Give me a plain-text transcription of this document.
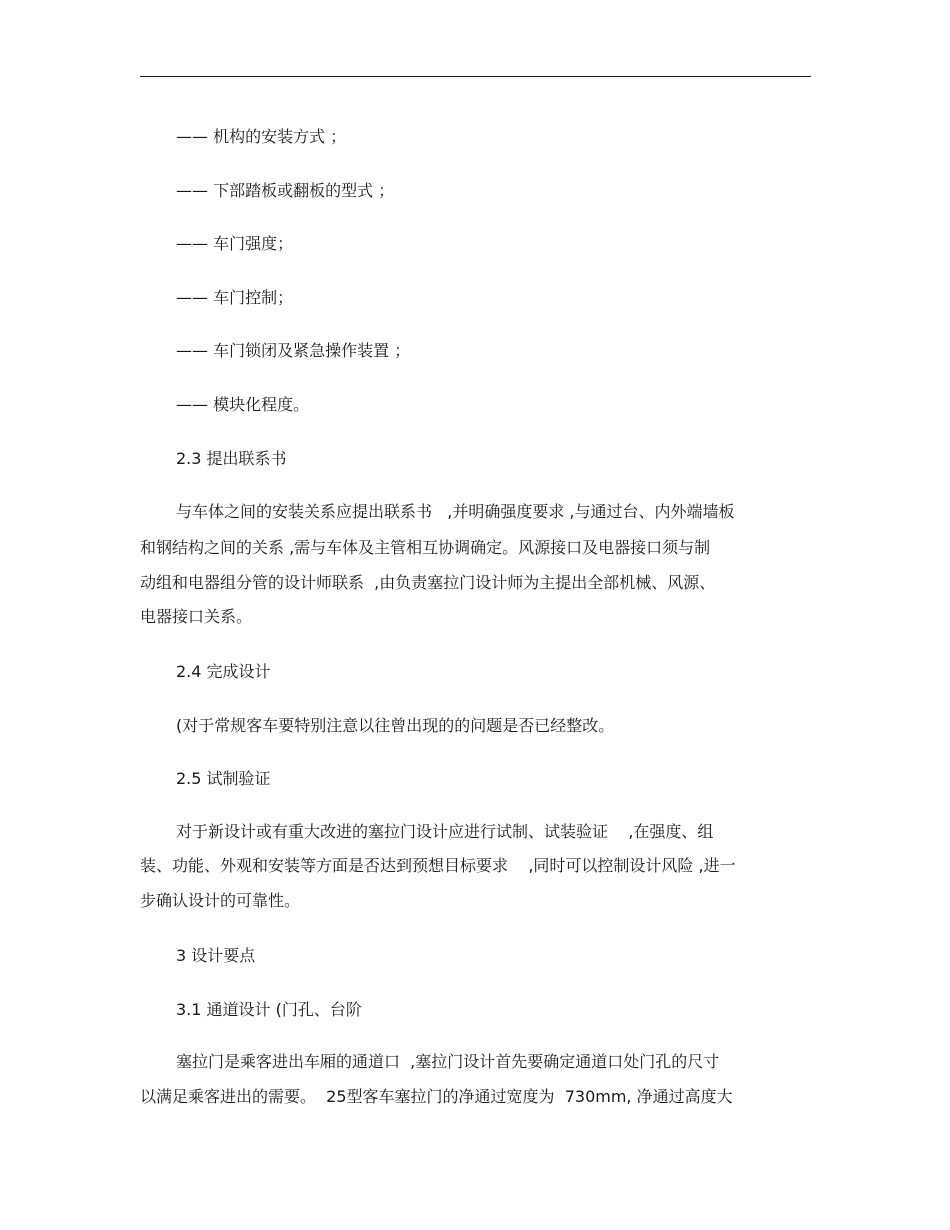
—— 机构的安装方式 ；
—— 下部踏板或翻板的型式 ；
—— 车门强度；
—— 车门控制；
—— 车门锁闭及紧急操作装置 ；
—— 模块化程度。
2.3 提出联系书
与车体之间的安装关系应提出联系书   ,并明确强度要求 ,与通过台、内外端墙板
和钢结构之间的关系 ,需与车体及主管相互协调确定。风源接口及电器接口须与制
动组和电器组分管的设计师联系  ,由负责塞拉门设计师为主提出全部机械、风源、
电器接口关系。
2.4 完成设计
(对于常规客车要特别注意以往曾出现的的问题是否已经整改。
2.5 试制验证
对于新设计或有重大改进的塞拉门设计应进行试制、试装验证    ,在强度、组
装、功能、外观和安装等方面是否达到预想目标要求    ,同时可以控制设计风险 ,进一
步确认设计的可靠性。
3 设计要点
3.1 通道设计 (门孔、台阶
塞拉门是乘客进出车厢的通道口  ,塞拉门设计首先要确定通道口处门孔的尺寸
以满足乘客进出的需要。  25型客车塞拉门的净通过宽度为  730mm, 净通过高度大
